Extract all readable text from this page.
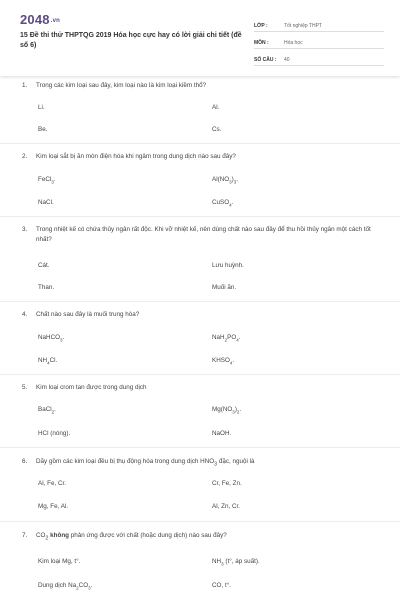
$2048_{.vn}$
15 Đề thi thử THPTQG 2019 Hóa học cực hay có lời giải chi tiết (đề số 6)
LỚP :	Tốt nghiệp THPT
MÔN :	Hóa học
SỐ CÂU :	40
1. Trong các kim loại sau đây, kim loại nào là kim loại kiềm thổ?
Li.	Al.
Be.	Cs.
2. Kim loại sắt bị ăn mòn điện hóa khi ngâm trong dung dịch nào sau đây?
FeCl$_3$.	$Al(NO_3)_3$.
NaCl.	CuSO$_4$.
3. Trong nhiệt kế có chứa thủy ngân rất độc. Khi vỡ nhiệt kế, nên dùng chất nào sau đây để thu hồi thủy ngân một cách tốt nhất?
Cát.	Lưu huỳnh.
Than.	Muối ăn.
4. Chất nào sau đây là muối trung hòa?
NaHCO$_3$.	$NaH_2PO_4$.
$NH_4Cl$.	$KHSO_4$.
5. Kim loại crom tan được trong dung dịch
BaCl$_2$.	$Mg(NO_3)_2$.
HCl (nóng).	NaOH.
6. Dãy gồm các kim loại đều bị thụ động hóa trong dung dịch $HNO_3$ đặc, nguội là
Al, Fe, Cr.	Cr, Fe, Zn.
Mg, Fe, Al.	Al, Zn, Cr.
7. $CO_2$ không phản ứng được với chất (hoặc dung dịch) nào sau đây?
Kim loại Mg, t°.	$NH_3$ (t°, áp suất).
Dung dịch $Na_2CO_3$.	CO, t°.
